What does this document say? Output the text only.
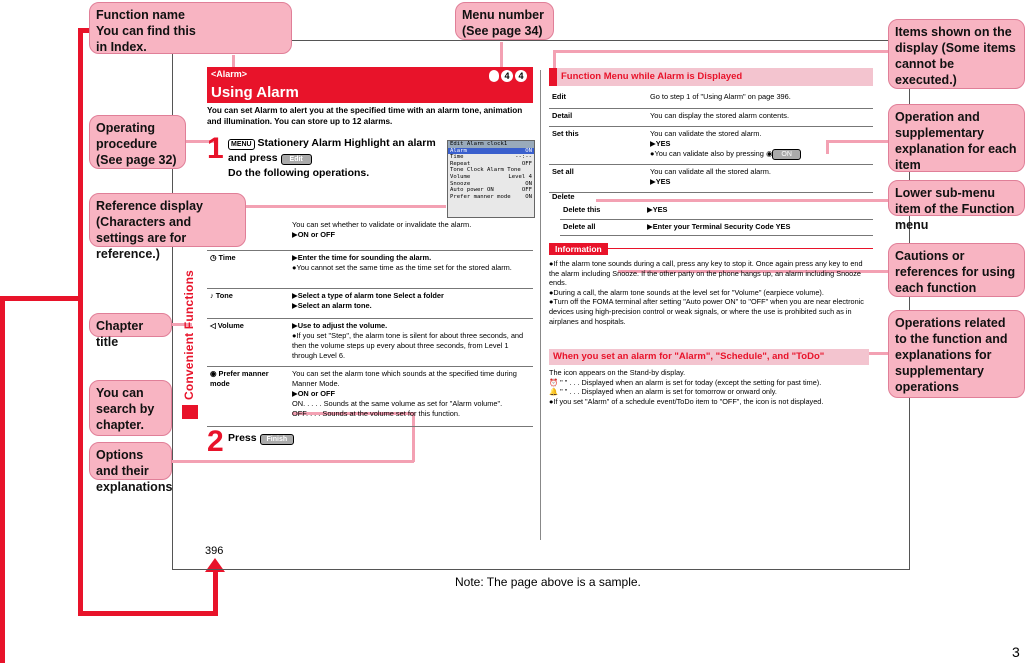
Function name You can find this in Index.
Menu number (See page 34)	Items shown on the display (Some items cannot be executed.)
Operating procedure (See page 32)
Operation and supplementary explanation for each item
Reference display (Characters and settings are for reference.)
Lower sub-menu item of the Function menu
Cautions or references for using each function
Chapter title
Operations related to the function and explanations for supplementary operations
You can search by chapter.
Options and their explanations
<Alarm>
Using Alarm
4 4
You can set Alarm to alert you at the specified time with an alarm tone, animation and illumination. You can store up to 12 alarms.
1	MENU Stationery Alarm Highlight an alarm and press Edit
Do the following operations.
Edit Alarm clock1
Alarm	ON
Time	--:--
Repeat	OFF
Tone Clock Alarm Tone
Volume	Level 4
Snooze	ON
Auto power ON	OFF
Prefer manner mode	ON
	You can set whether to validate or invalidate the alarm.
▶ON or OFF
◷ Time	▶Enter the time for sounding the alarm.
●You cannot set the same time as the time set for the stored alarm.
♪ Tone	▶Select a type of alarm tone Select a folder
▶Select an alarm tone.
◁ Volume	▶Use to adjust the volume.
●If you set "Step", the alarm tone is silent for about three seconds, and then the volume steps up every about three seconds, from Level 1 through Level 6.
◉ Prefer manner mode	You can set the alarm tone which sounds at the specified time during Manner Mode.
▶ON or OFF
ON. . . . . Sounds at the same volume as set for "Alarm volume".
OFF. . . . Sounds at the volume set for this function.
2 Press Finish
Convenient Functions
396
Function Menu while Alarm is Displayed
Edit	Go to step 1 of "Using Alarm" on page 396.
Detail	You can display the stored alarm contents.
Set this	You can validate the stored alarm.
▶YES
●You can validate also by pressing ◉ ON
Set all	You can validate all the stored alarm.
▶YES
Delete
Delete this	▶YES
Delete all	▶Enter your Terminal Security Code YES
Information
●If the alarm tone sounds during a call, press any key to stop it. Once again press any key to end the alarm including Snooze. If the other party on the phone hangs up, an alarm including Snooze ends.
●During a call, the alarm tone sounds at the level set for "Volume" (earpiece volume).
●Turn off the FOMA terminal after setting "Auto power ON" to "OFF" when you are near electronic devices using high-precision control or weak signals, or where the use is prohibited such as in airplanes and hospitals.
When you set an alarm for "Alarm", "Schedule", and "ToDo"
The icon appears on the Stand-by display.
⏰ " " . . . Displayed when an alarm is set for today (except the setting for past time).
🔔 " " . . . Displayed when an alarm is set for tomorrow or onward only.
●If you set "Alarm" of a schedule event/ToDo item to "OFF", the icon is not displayed.
Note: The page above is a sample.
3
